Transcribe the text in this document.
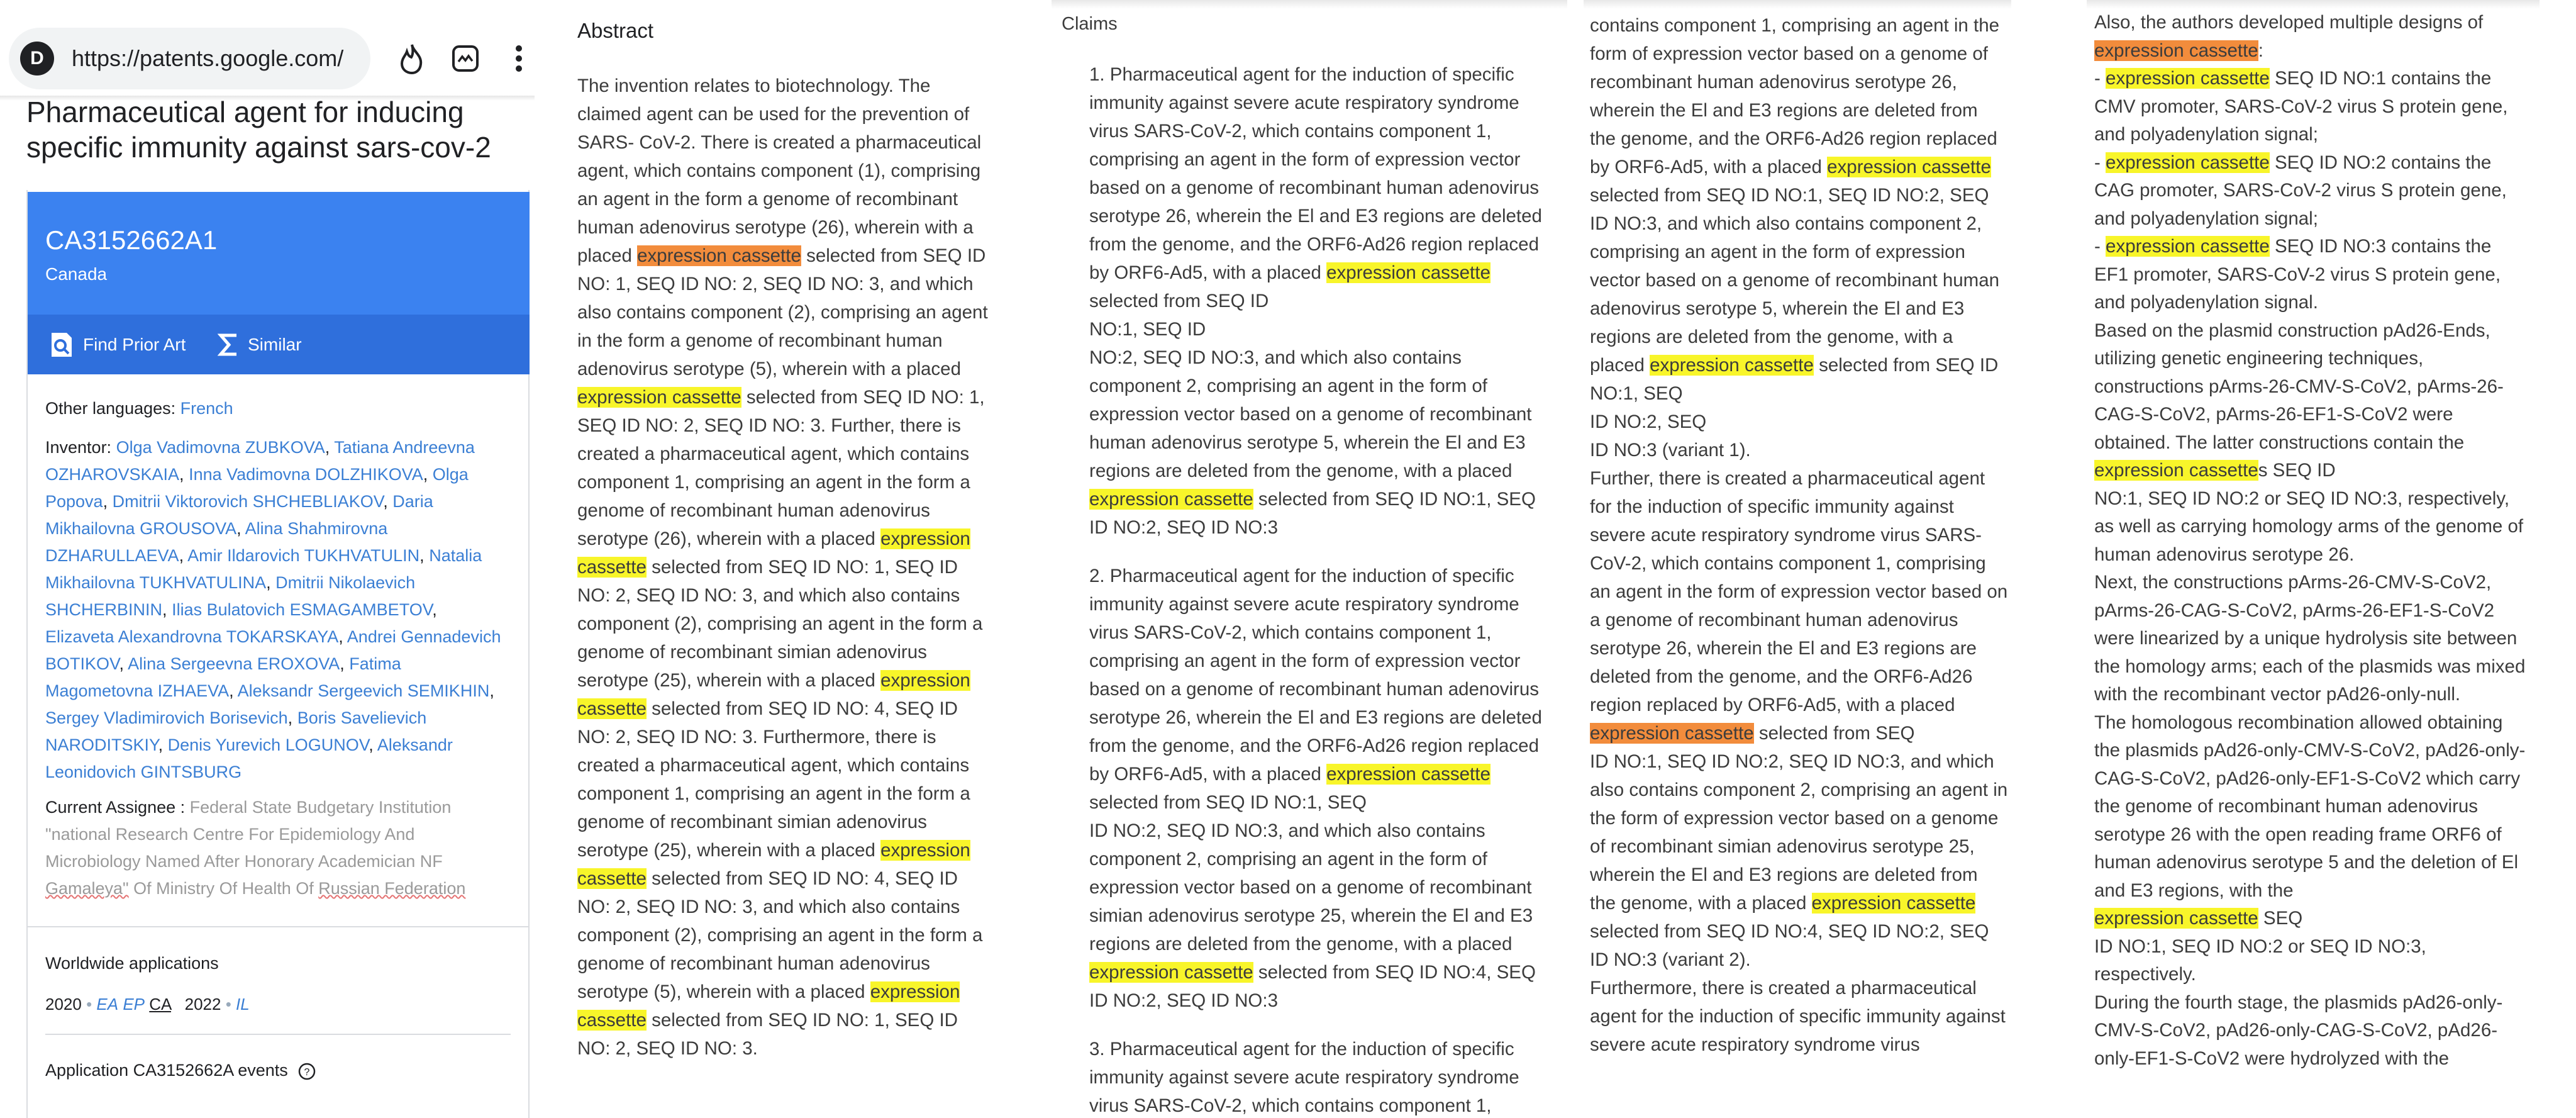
D	https://patents.google.com/
Pharmaceutical agent for inducing specific immunity against sars-cov-2
CA3152662A1
Canada
Find Prior Art	Similar
Other languages: French
Inventor: Olga Vadimovna ZUBKOVA, Tatiana Andreevna OZHAROVSKAIA, Inna Vadimovna DOLZHIKOVA, Olga Popova, Dmitrii Viktorovich SHCHEBLIAKOV, Daria Mikhailovna GROUSOVA, Alina Shahmirovna DZHARULLAEVA, Amir Ildarovich TUKHVATULIN, Natalia Mikhailovna TUKHVATULINA, Dmitrii Nikolaevich SHCHERBININ, Ilias Bulatovich ESMAGAMBETOV, Elizaveta Alexandrovna TOKARSKAYA, Andrei Gennadevich BOTIKOV, Alina Sergeevna EROXOVA, Fatima Magometovna IZHAEVA, Aleksandr Sergeevich SEMIKHIN, Sergey Vladimirovich Borisevich, Boris Savelievich NARODITSKIY, Denis Yurevich LOGUNOV, Aleksandr Leonidovich GINTSBURG
Current Assignee : Federal State Budgetary Institution "national Research Centre For Epidemiology And Microbiology Named After Honorary Academician NF Gamaleya" Of Ministry Of Health Of Russian Federation
Worldwide applications
2020 • EA EP CA 2022 • IL
Application CA3152662A events ?
Abstract
The invention relates to biotechnology. The claimed agent can be used for the prevention of SARS- CoV-2. There is created a pharmaceutical agent, which contains component (1), comprising an agent in the form a genome of recombinant human adenovirus serotype (26), wherein with a placed expression cassette selected from SEQ ID NO: 1, SEQ ID NO: 2, SEQ ID NO: 3, and which also contains component (2), comprising an agent in the form a genome of recombinant human adenovirus serotype (5), wherein with a placed expression cassette selected from SEQ ID NO: 1, SEQ ID NO: 2, SEQ ID NO: 3. Further, there is created a pharmaceutical agent, which contains component 1, comprising an agent in the form a genome of recombinant human adenovirus serotype (26), wherein with a placed expression cassette selected from SEQ ID NO: 1, SEQ ID NO: 2, SEQ ID NO: 3, and which also contains component (2), comprising an agent in the form a genome of recombinant simian adenovirus serotype (25), wherein with a placed expression cassette selected from SEQ ID NO: 4, SEQ ID NO: 2, SEQ ID NO: 3. Furthermore, there is created a pharmaceutical agent, which contains component 1, comprising an agent in the form a genome of recombinant simian adenovirus serotype (25), wherein with a placed expression cassette selected from SEQ ID NO: 4, SEQ ID NO: 2, SEQ ID NO: 3, and which also contains component (2), comprising an agent in the form a genome of recombinant human adenovirus serotype (5), wherein with a placed expression cassette selected from SEQ ID NO: 1, SEQ ID NO: 2, SEQ ID NO: 3.
Claims
1. Pharmaceutical agent for the induction of specific immunity against severe acute respiratory syndrome virus SARS-CoV-2, which contains component 1, comprising an agent in the form of expression vector based on a genome of recombinant human adenovirus serotype 26, wherein the El and E3 regions are deleted from the genome, and the ORF6-Ad26 region replaced by ORF6-Ad5, with a placed expression cassette selected from SEQ ID
NO:1, SEQ ID
NO:2, SEQ ID NO:3, and which also contains component 2, comprising an agent in the form of expression vector based on a genome of recombinant human adenovirus serotype 5, wherein the El and E3 regions are deleted from the genome, with a placed expression cassette selected from SEQ ID NO:1, SEQ ID NO:2, SEQ ID NO:3
2. Pharmaceutical agent for the induction of specific immunity against severe acute respiratory syndrome virus SARS-CoV-2, which contains component 1, comprising an agent in the form of expression vector based on a genome of recombinant human adenovirus serotype 26, wherein the El and E3 regions are deleted from the genome, and the ORF6-Ad26 region replaced by ORF6-Ad5, with a placed expression cassette selected from SEQ ID NO:1, SEQ
ID NO:2, SEQ ID NO:3, and which also contains component 2, comprising an agent in the form of expression vector based on a genome of recombinant simian adenovirus serotype 25, wherein the El and E3 regions are deleted from the genome, with a placed expression cassette selected from SEQ ID NO:4, SEQ ID NO:2, SEQ ID NO:3
3. Pharmaceutical agent for the induction of specific immunity against severe acute respiratory syndrome virus SARS-CoV-2, which contains component 1,
contains component 1, comprising an agent in the form of expression vector based on a genome of recombinant human adenovirus serotype 26, wherein the El and E3 regions are deleted from the genome, and the ORF6-Ad26 region replaced by ORF6-Ad5, with a placed expression cassette selected from SEQ ID NO:1, SEQ ID NO:2, SEQ ID NO:3, and which also contains component 2, comprising an agent in the form of expression vector based on a genome of recombinant human adenovirus serotype 5, wherein the El and E3 regions are deleted from the genome, with a placed expression cassette selected from SEQ ID NO:1, SEQ
ID NO:2, SEQ
ID NO:3 (variant 1).
Further, there is created a pharmaceutical agent for the induction of specific immunity against severe acute respiratory syndrome virus SARS-CoV-2, which contains component 1, comprising an agent in the form of expression vector based on a genome of recombinant human adenovirus serotype 26, wherein the El and E3 regions are deleted from the genome, and the ORF6-Ad26 region replaced by ORF6-Ad5, with a placed expression cassette selected from SEQ
ID NO:1, SEQ ID NO:2, SEQ ID NO:3, and which also contains component 2, comprising an agent in the form of expression vector based on a genome of recombinant simian adenovirus serotype 25, wherein the El and E3 regions are deleted from the genome, with a placed expression cassette selected from SEQ ID NO:4, SEQ ID NO:2, SEQ ID NO:3 (variant 2).
Furthermore, there is created a pharmaceutical agent for the induction of specific immunity against severe acute respiratory syndrome virus
Also, the authors developed multiple designs of
expression cassette:
- expression cassette SEQ ID NO:1 contains the CMV promoter, SARS-CoV-2 virus S protein gene, and polyadenylation signal;
- expression cassette SEQ ID NO:2 contains the CAG promoter, SARS-CoV-2 virus S protein gene, and polyadenylation signal;
- expression cassette SEQ ID NO:3 contains the EF1 promoter, SARS-CoV-2 virus S protein gene, and polyadenylation signal.
Based on the plasmid construction pAd26-Ends, utilizing genetic engineering techniques, constructions pArms-26-CMV-S-CoV2, pArms-26-CAG-S-CoV2, pArms-26-EF1-S-CoV2 were obtained. The latter constructions contain the
expression cassettes SEQ ID
NO:1, SEQ ID NO:2 or SEQ ID NO:3, respectively, as well as carrying homology arms of the genome of human adenovirus serotype 26.
Next, the constructions pArms-26-CMV-S-CoV2, pArms-26-CAG-S-CoV2, pArms-26-EF1-S-CoV2 were linearized by a unique hydrolysis site between the homology arms; each of the plasmids was mixed with the recombinant vector pAd26-only-null.
The homologous recombination allowed obtaining the plasmids pAd26-only-CMV-S-CoV2, pAd26-only-CAG-S-CoV2, pAd26-only-EF1-S-CoV2 which carry the genome of recombinant human adenovirus serotype 26 with the open reading frame ORF6 of human adenovirus serotype 5 and the deletion of El and E3 regions, with the
expression cassette SEQ
ID NO:1, SEQ ID NO:2 or SEQ ID NO:3, respectively.
During the fourth stage, the plasmids pAd26-only-CMV-S-CoV2, pAd26-only-CAG-S-CoV2, pAd26-only-EF1-S-CoV2 were hydrolyzed with the
